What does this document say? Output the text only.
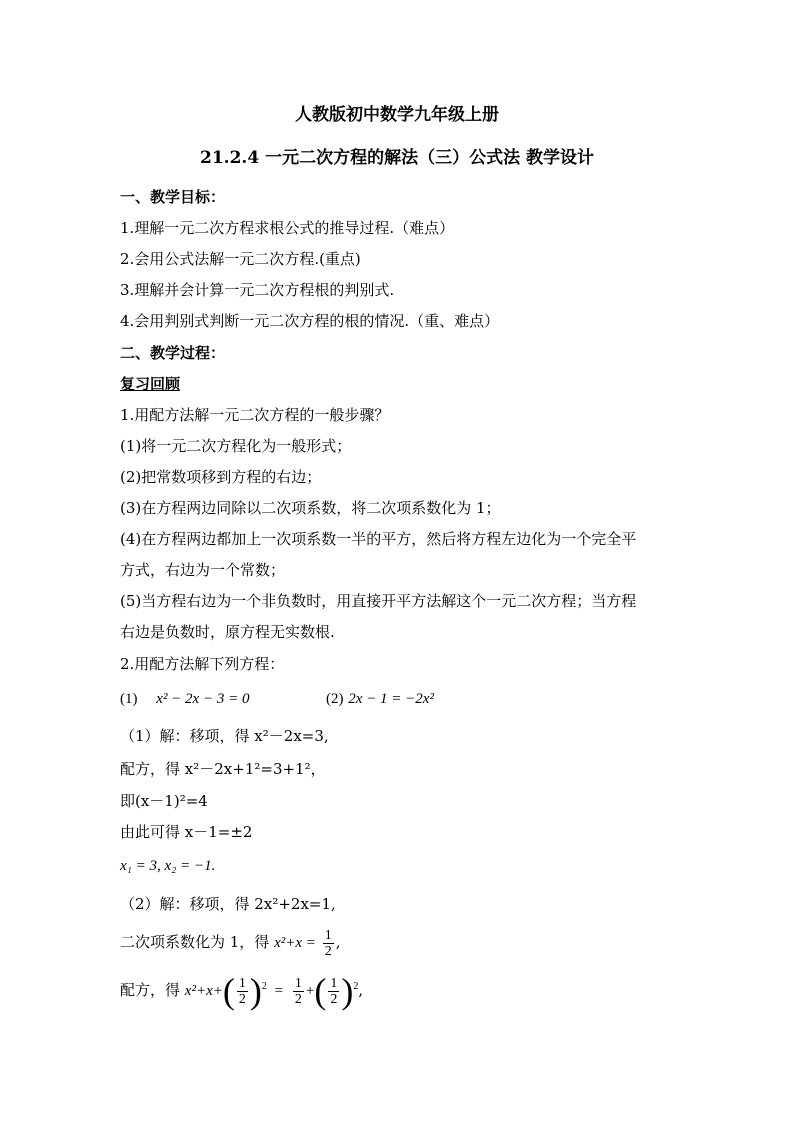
人教版初中数学九年级上册
21.2.4 一元二次方程的解法（三）公式法 教学设计
一、教学目标：
1.理解一元二次方程求根公式的推导过程.（难点）
2.会用公式法解一元二次方程.(重点)
3.理解并会计算一元二次方程根的判别式.
4.会用判别式判断一元二次方程的根的情况.（重、难点）
二、教学过程：
复习回顾
1.用配方法解一元二次方程的一般步骤？
(1)将一元二次方程化为一般形式；
(2)把常数项移到方程的右边；
(3)在方程两边同除以二次项系数，将二次项系数化为 1；
(4)在方程两边都加上一次项系数一半的平方，然后将方程左边化为一个完全平
方式，右边为一个常数；
(5)当方程右边为一个非负数时，用直接开平方法解这个一元二次方程；当方程
右边是负数时，原方程无实数根.
2.用配方法解下列方程：
(1) x² − 2x − 3 = 0	(2) 2x − 1 = −2x²
（1）解：移项，得 x²－2x=3,
配方，得 x²－2x+1²=3+1²，
即(x－1)²=4
由此可得 x－1=±2
x₁ = 3, x₂ = −1.
（2）解：移项，得 2x²+2x=1,
二次项系数化为 1，得 $x^2+x = \frac{1}{2}$ ,
配方，得 $x^2+x+( \frac{1}{2} )^2 = \frac{1}{2}$ +( $\frac{1}{2} )^2$,
